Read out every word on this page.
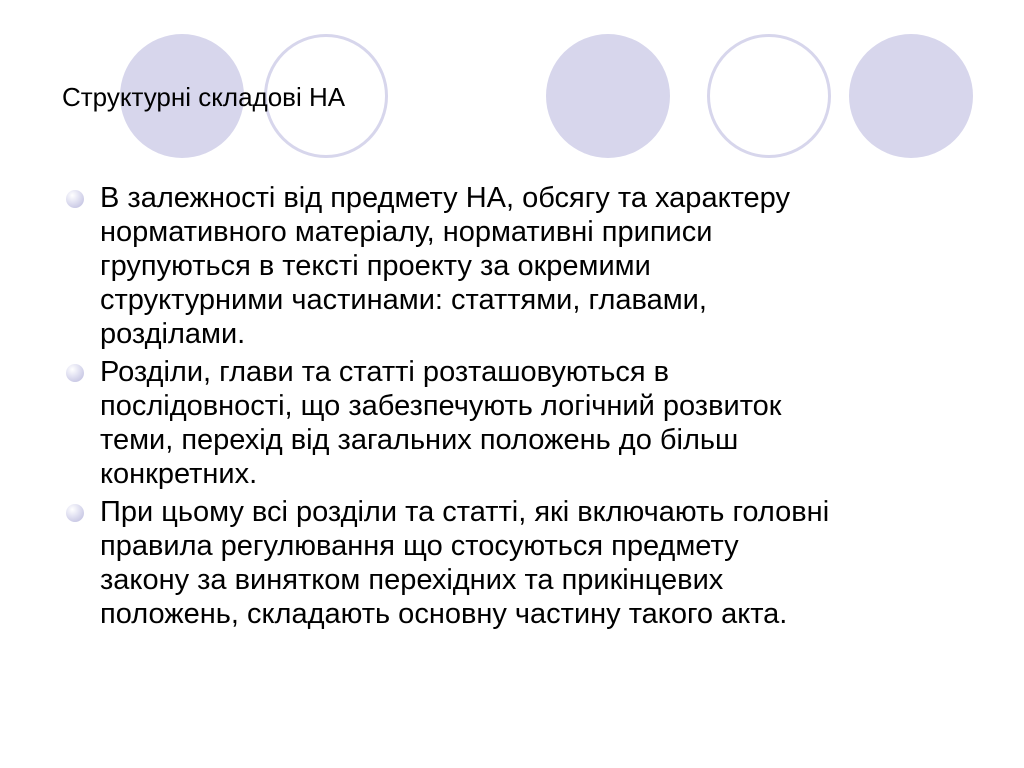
Структурні складові НА
В залежності від предмету НА, обсягу та характеру
нормативного матеріалу, нормативні приписи
групуються в тексті проекту за окремими
структурними частинами: статтями, главами,
розділами.
Розділи, глави та статті розташовуються в
послідовності, що забезпечують логічний розвиток
теми, перехід від загальних положень до більш
конкретних.
При цьому всі розділи та статті, які включають головні
правила регулювання що стосуються предмету
закону за винятком перехідних та прикінцевих
положень, складають основну частину такого акта.
